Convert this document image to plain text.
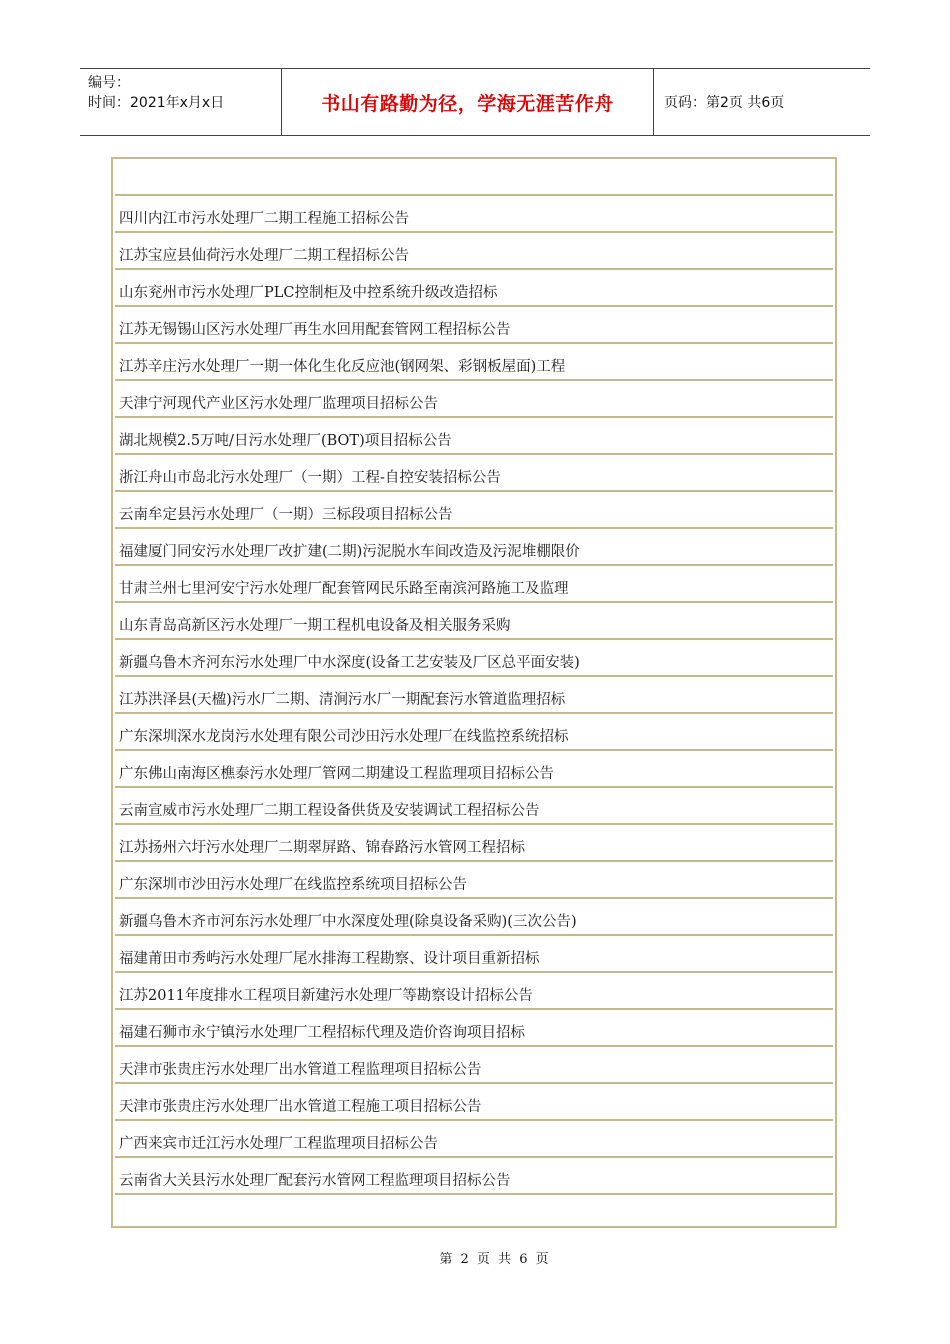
编号：
时间：2021年x月x日	书山有路勤为径，学海无涯苦作舟	页码：第2页 共6页
四川内江市污水处理厂二期工程施工招标公告
江苏宝应县仙荷污水处理厂二期工程招标公告
山东兖州市污水处理厂PLC控制柜及中控系统升级改造招标
江苏无锡锡山区污水处理厂再生水回用配套管网工程招标公告
江苏辛庄污水处理厂一期一体化生化反应池(钢网架、彩钢板屋面)工程
天津宁河现代产业区污水处理厂监理项目招标公告
湖北规模2.5万吨/日污水处理厂(BOT)项目招标公告
浙江舟山市岛北污水处理厂（一期）工程-自控安装招标公告
云南牟定县污水处理厂（一期）三标段项目招标公告
福建厦门同安污水处理厂改扩建(二期)污泥脱水车间改造及污泥堆棚限价
甘肃兰州七里河安宁污水处理厂配套管网民乐路至南滨河路施工及监理
山东青岛高新区污水处理厂一期工程机电设备及相关服务采购
新疆乌鲁木齐河东污水处理厂中水深度(设备工艺安装及厂区总平面安装)
江苏洪泽县(天楹)污水厂二期、清涧污水厂一期配套污水管道监理招标
广东深圳深水龙岗污水处理有限公司沙田污水处理厂在线监控系统招标
广东佛山南海区樵泰污水处理厂管网二期建设工程监理项目招标公告
云南宣威市污水处理厂二期工程设备供货及安装调试工程招标公告
江苏扬州六圩污水处理厂二期翠屏路、锦春路污水管网工程招标
广东深圳市沙田污水处理厂在线监控系统项目招标公告
新疆乌鲁木齐市河东污水处理厂中水深度处理(除臭设备采购)(三次公告)
福建莆田市秀屿污水处理厂尾水排海工程勘察、设计项目重新招标
江苏2011年度排水工程项目新建污水处理厂等勘察设计招标公告
福建石狮市永宁镇污水处理厂工程招标代理及造价咨询项目招标
天津市张贵庄污水处理厂出水管道工程监理项目招标公告
天津市张贵庄污水处理厂出水管道工程施工项目招标公告
广西来宾市迁江污水处理厂工程监理项目招标公告
云南省大关县污水处理厂配套污水管网工程监理项目招标公告
第 2 页 共 6 页
